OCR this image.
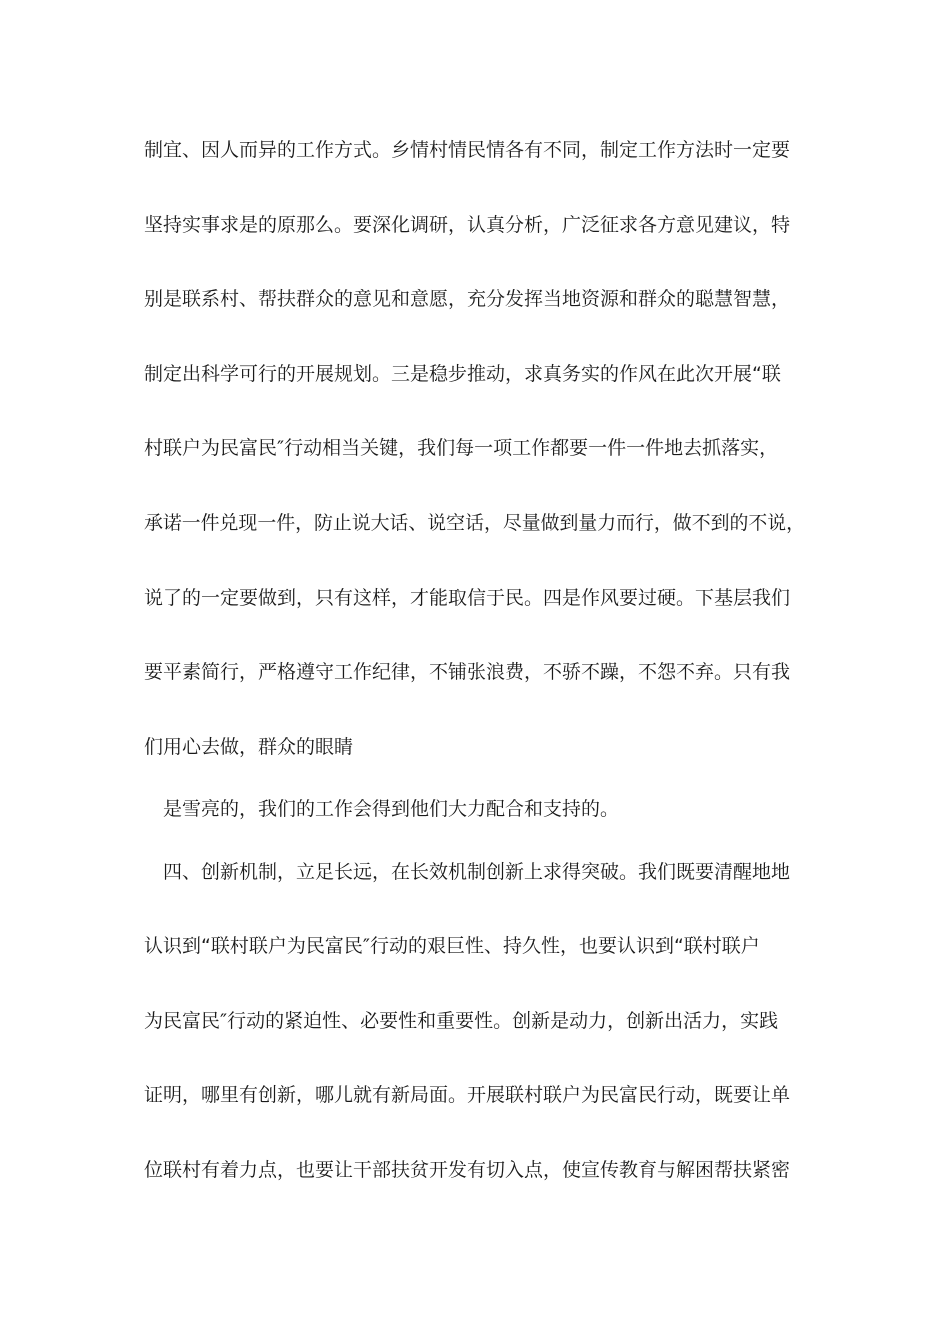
制宜、因人而异的工作方式。乡情村情民情各有不同，制定工作方法时一定要
坚持实事求是的原那么。要深化调研，认真分析，广泛征求各方意见建议，特
别是联系村、帮扶群众的意见和意愿，充分发挥当地资源和群众的聪慧智慧，
制定出科学可行的开展规划。三是稳步推动，求真务实的作风在此次开展“联
村联户为民富民″行动相当关键，我们每一项工作都要一件一件地去抓落实，
承诺一件兑现一件，防止说大话、说空话，尽量做到量力而行，做不到的不说，
说了的一定要做到，只有这样，才能取信于民。四是作风要过硬。下基层我们
要平素简行，严格遵守工作纪律，不铺张浪费，不骄不躁，不怨不弃。只有我
们用心去做，群众的眼睛
是雪亮的，我们的工作会得到他们大力配合和支持的。
四、创新机制，立足长远，在长效机制创新上求得突破。我们既要清醒地地
认识到“联村联户为民富民″行动的艰巨性、持久性，也要认识到“联村联户
为民富民″行动的紧迫性、必要性和重要性。创新是动力，创新出活力，实践
证明，哪里有创新，哪儿就有新局面。开展联村联户为民富民行动，既要让单
位联村有着力点，也要让干部扶贫开发有切入点，使宣传教育与解困帮扶紧密
